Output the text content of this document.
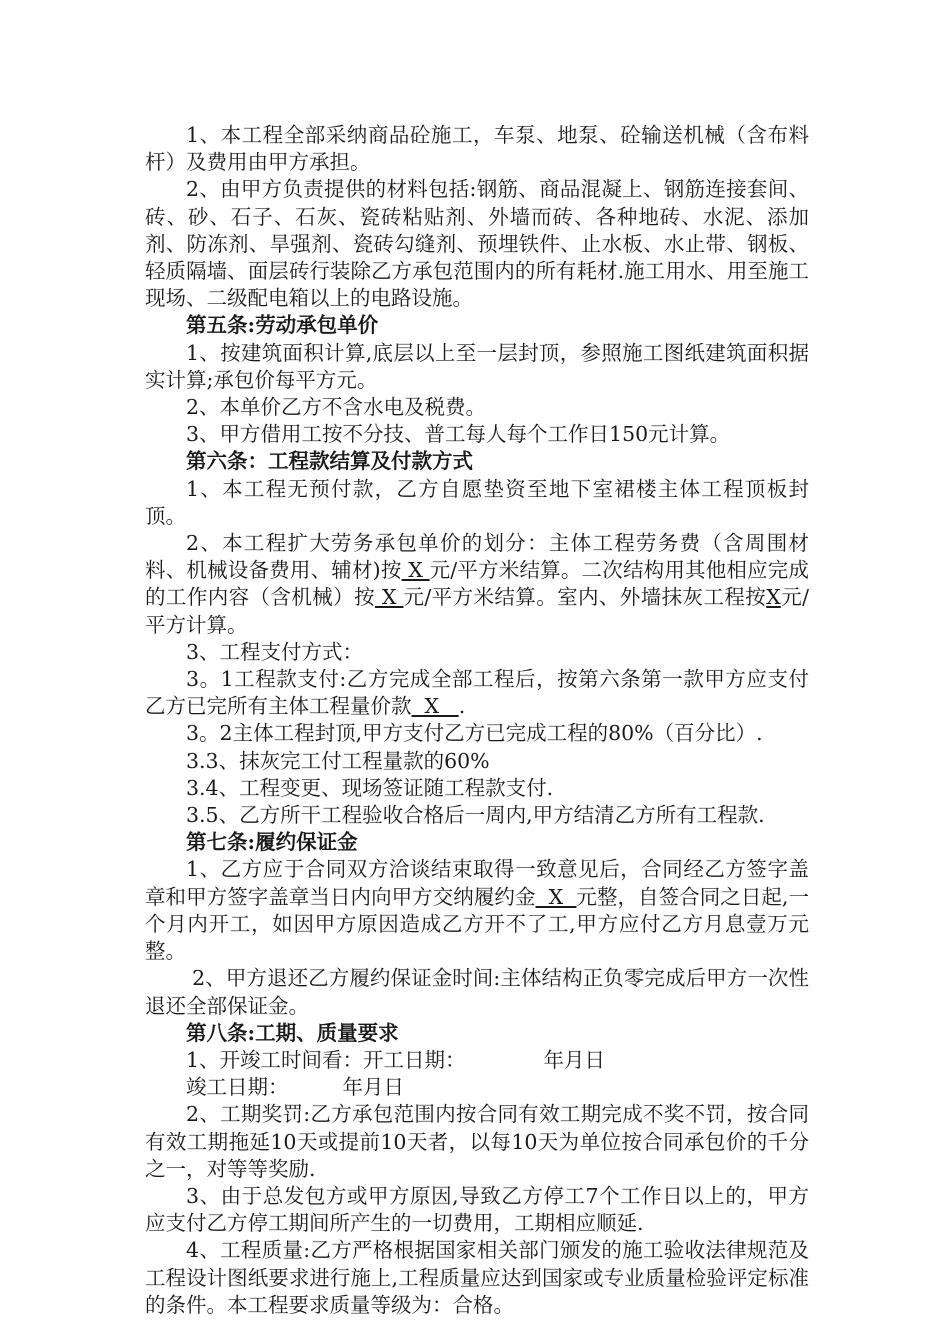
1、本工程全部采纳商品砼施工，车泵、地泵、砼输送机械（含布料杆）及费用由甲方承担。

2、由甲方负责提供的材料包括:钢筋、商品混凝上、钢筋连接套间、砖、砂、石子、石灰、瓷砖粘贴剂、外墙而砖、各种地砖、水泥、添加剂、防冻剂、旱强剂、瓷砖勾缝剂、预埋铁件、止水板、水止带、钢板、轻质隔墙、面层砖行装除乙方承包范围内的所有耗材.施工用水、用至施工现场、二级配电箱以上的电路设施。

第五条:劳动承包单价

1、按建筑面积计算,底层以上至一层封顶，参照施工图纸建筑面积据实计算;承包价每平方元。

2、本单价乙方不含水电及税费。

3、甲方借用工按不分技、普工每人每个工作日150元计算。

第六条：工程款结算及付款方式

1、本工程无预付款，乙方自愿垫资至地下室裙楼主体工程顶板封顶。

2、本工程扩大劳务承包单价的划分：主体工程劳务费（含周围材料、机械设备费用、辅材)按 X 元/平方米结算。二次结构用其他相应完成的工作内容（含机械）按 X 元/平方米结算。室内、外墙抹灰工程按X元/平方计算。

3、工程支付方式：

3。1工程款支付:乙方完成全部工程后，按第六条第一款甲方应支付乙方已完所有主体工程量价款  X   .

3。2主体工程封顶,甲方支付乙方已完成工程的80%（百分比）.

3.3、抹灰完工付工程量款的60%

3.4、工程变更、现场签证随工程款支付.

3.5、乙方所干工程验收合格后一周内,甲方结清乙方所有工程款.

第七条:履约保证金

1、乙方应于合同双方洽谈结束取得一致意见后，合同经乙方签字盖章和甲方签字盖章当日内向甲方交纳履约金  X  元整，自签合同之日起,一个月内开工，如因甲方原因造成乙方开不了工,甲方应付乙方月息壹万元整。

2、甲方退还乙方履约保证金时间:主体结构正负零完成后甲方一次性退还全部保证金。

第八条:工期、质量要求

1、开竣工时间看：开工日期：	年月日

竣工日期：	年月日

2、工期奖罚:乙方承包范围内按合同有效工期完成不奖不罚，按合同有效工期拖延10天或提前10天者，以每10天为单位按合同承包价的千分之一，对等等奖励.

3、由于总发包方或甲方原因,导致乙方停工7个工作日以上的，甲方应支付乙方停工期间所产生的一切费用，工期相应顺延.

4、工程质量:乙方严格根据国家相关部门颁发的施工验收法律规范及工程设计图纸要求进行施上,工程质量应达到国家或专业质量检验评定标准的条件。本工程要求质量等级为：合格。
